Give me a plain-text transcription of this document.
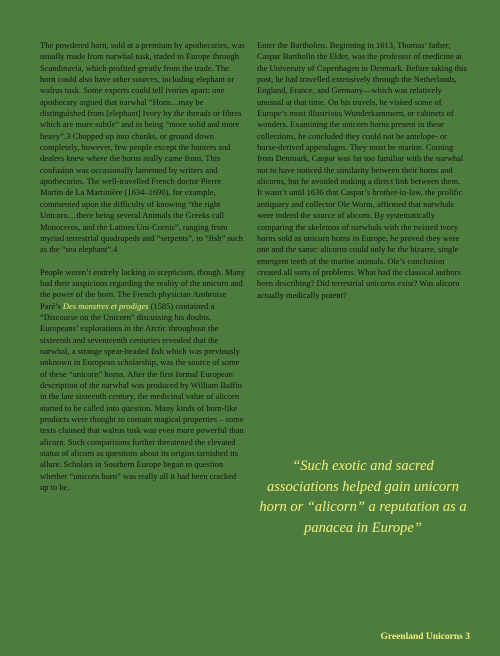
The powdered horn, sold at a premium by apothecaries, was usually made from narwhal tusk, traded to Europe through Scandinavia, which profited greatly from the trade. The horn could also have other sources, including elephant or walrus tusk. Some experts could tell ivories apart: one apothecary argued that narwhal “Horn…may be distinguished from [elephant] Ivory by the threads or fibres which are more subtle” and in being “more solid and more heavy”.3 Chopped up into chunks, or ground down completely, however, few people except the hunters and dealers knew where the horns really came from. This confusion was occasionally lamented by writers and apothecaries. The well-travelled French doctor Pierre Martin de La Martinière (1634–1690), for example, commented upon the difficulty of knowing “the right Unicorn…there being several Animals the Greeks call Monoceros, and the Latines Uni-Cornis”, ranging from myriad terrestrial quadrupeds and “serpents”, to “fish” such as the “sea elephant”.4

People weren’t entirely lacking in scepticism, though. Many had their suspicions regarding the reality of the unicorn and the power of the horn. The French physician Ambroise Paré’s Des monstres et prodiges (1585) contained a “Discourse on the Unicorn” discussing his doubts. Europeans’ explorations in the Arctic throughout the sixteenth and seventeenth centuries revealed that the narwhal, a strange spear-headed fish which was previously unknown in European scholarship, was the source of some of these “unicorn” horns. After the first formal European description of the narwhal was produced by William Baffin in the late sixteenth century, the medicinal value of alicorn started to be called into question. Many kinds of horn-like products were thought to contain magical properties – some texts claimed that walrus tusk was even more powerful than alicorn. Such comparisons further threatened the elevated status of alicorn as questions about its origins tarnished its allure. Scholars in Southern Europe began to question whether “unicorn horn” was really all it had been cracked up to be.

Enter the Bartholins. Beginning in 1613, Thomas’ father, Caspar Bartholin the Elder, was the professor of medicine at the University of Copenhagen in Denmark. Before taking this post, he had travelled extensively through the Netherlands, England, France, and Germany—which was relatively unusual at that time. On his travels, he visited some of Europe’s most illustrious Wunderkammern, or cabinets of wonders. Examining the unicorn horns present in these collections, he concluded they could not be antelope- or horse-derived appendages. They must be marine. Coming from Denmark, Caspar was far too familiar with the narwhal not to have noticed the similarity between their horns and alicorns, but he avoided making a direct link between them.

It wasn’t until 1636 that Caspar’s brother-in-law, the prolific antiquary and collector Ole Worm, affirmed that narwhals were indeed the source of alicorn. By systematically comparing the skeletons of narwhals with the twisted ivory horns sold as unicorn horns in Europe, he proved they were one and the same: alicorns could only be the bizarre, single emergent teeth of the marine animals. Ole’s conclusion created all sorts of problems. What had the classical authors been describing? Did terrestrial unicorns exist? Was alicorn actually medically potent?

“Such exotic and sacred associations helped gain unicorn horn or “alicorn” a reputation as a panacea in Europe”
Greenland Unicorns 3
